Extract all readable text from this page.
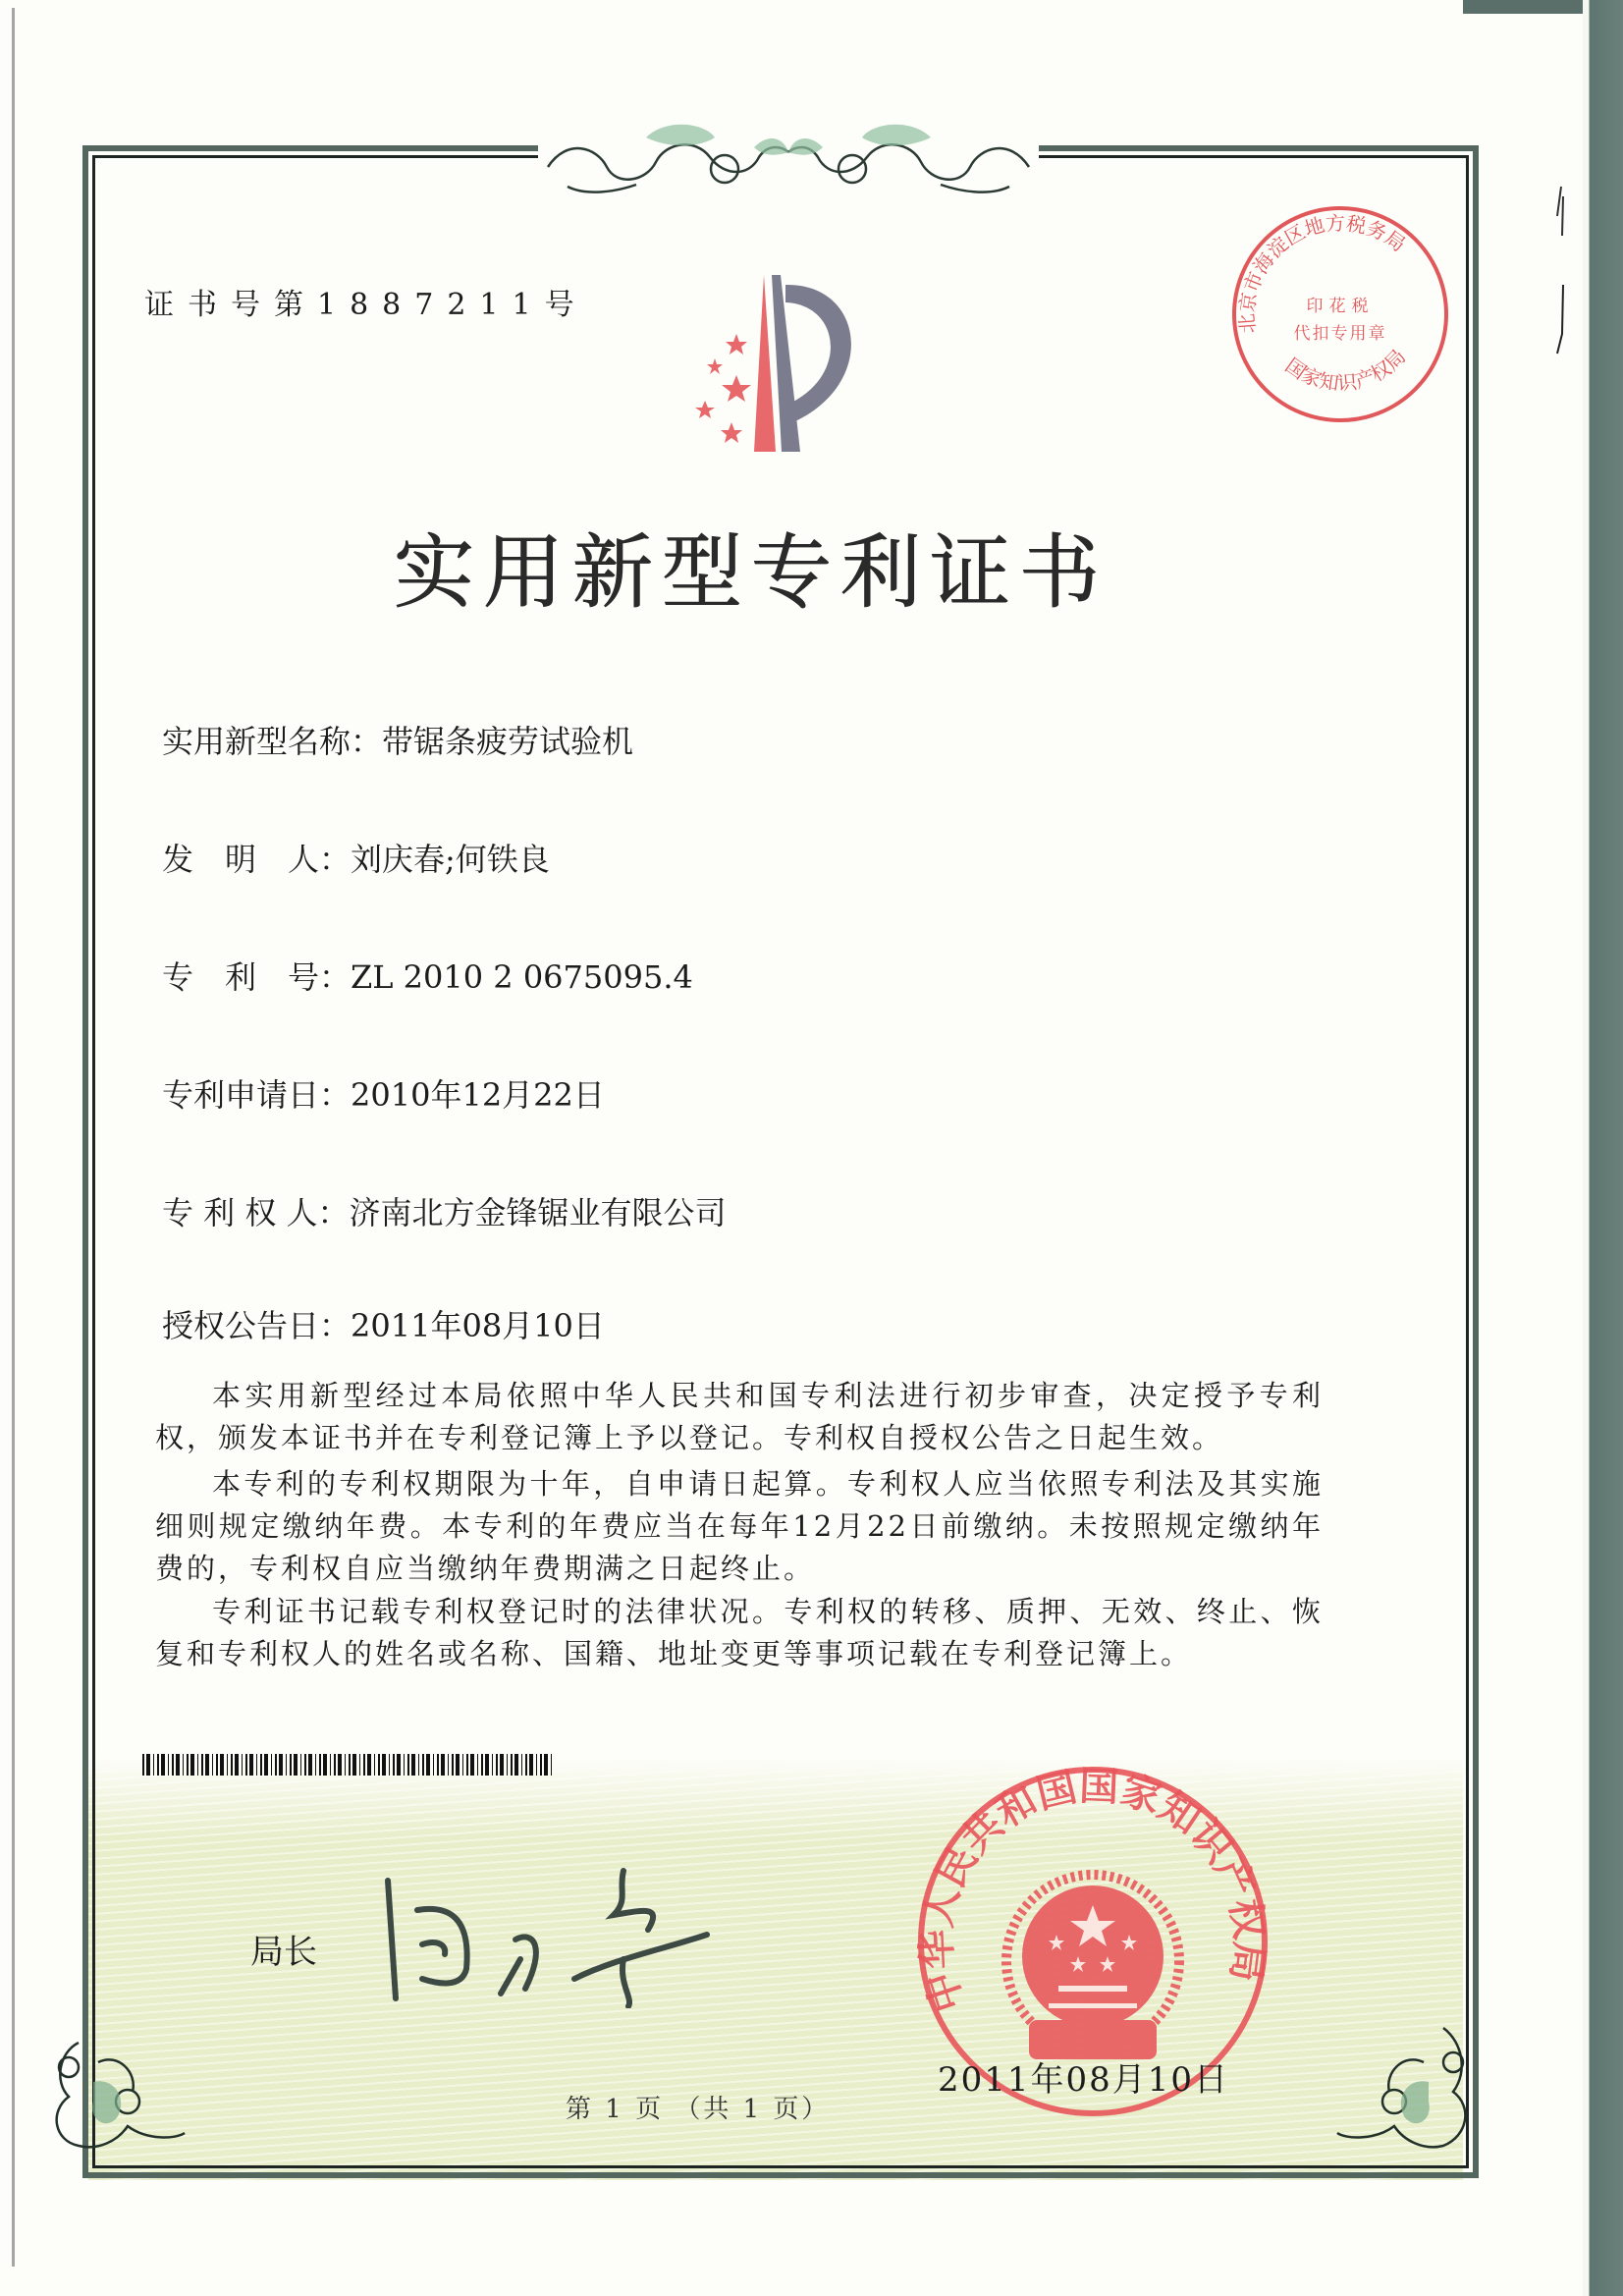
证书号第1887211号
北京市海淀区地方税务局
国家知识产权局
印花税
代扣专用章
实用新型专利证书
实用新型名称：带锯条疲劳试验机
发　明　人：刘庆春;何铁良
专　利　号：ZL 2010 2 0675095.4
专利申请日：2010年12月22日
专 利 权 人：济南北方金锋锯业有限公司
授权公告日：2011年08月10日

本实用新型经过本局依照中华人民共和国专利法进行初步审查，决定授予专利权，颁发本证书并在专利登记簿上予以登记。专利权自授权公告之日起生效。

本专利的专利权期限为十年，自申请日起算。专利权人应当依照专利法及其实施细则规定缴纳年费。本专利的年费应当在每年12月22日前缴纳。未按照规定缴纳年费的，专利权自应当缴纳年费期满之日起终止。

专利证书记载专利权登记时的法律状况。专利权的转移、质押、无效、终止、恢复和专利权人的姓名或名称、国籍、地址变更等事项记载在专利登记簿上。

局长
中华人民共和国国家知识产权局
2011年08月10日
第 1 页 （共 1 页）
